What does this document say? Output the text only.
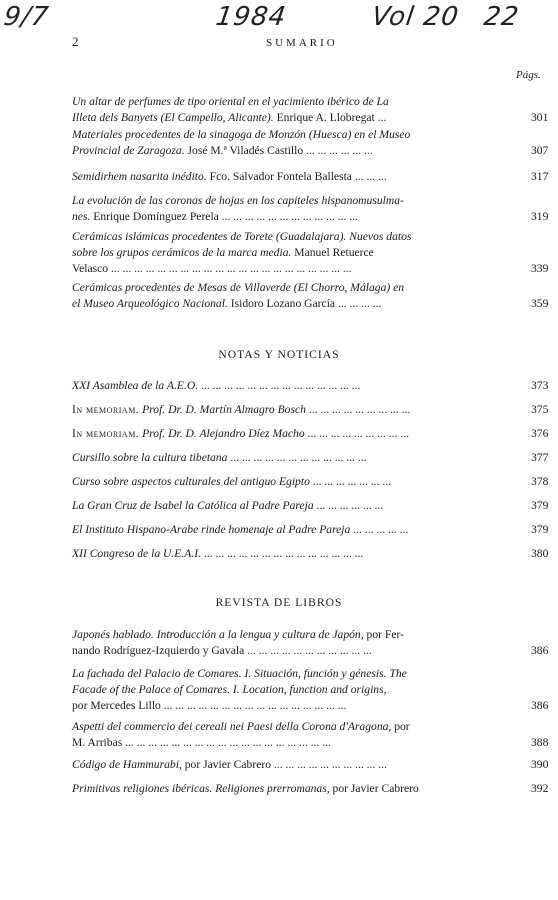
9/7	1984	Vol 20 22
2	SUMARIO
Págs.
NOTAS Y NOTICIAS
REVISTA DE LIBROS
Un altar de perfumes de tipo oriental en el yacimiento ibérico de La
Illeta dels Banyets (El Campello, Alicante). Enrique A. Llobregat ...	301
Materiales procedentes de la sinagoga de Monzón (Huesca) en el Museo
Provincial de Zaragoza. José M.ª Viladés Castillo ... ... ... ... ... ...	307
Semidirhem nasarita inédito. Fco. Salvador Fontela Ballesta ... ... ...	317
La evolución de las coronas de hojas en los capiteles hispanomusulma-
nes. Enrique Domínguez Perela ... ... ... ... ... ... ... ... ... ... ... ...	319
Cerámicas islámicas procedentes de Torete (Guadalajara). Nuevos datos
sobre los grupos cerámicos de la marca media. Manuel Retuerce
Velasco ... ... ... ... ... ... ... ... ... ... ... ... ... ... ... ... ... ... ... ... ...	339
Cerámicas procedentes de Mesas de Villaverde (El Chorro, Málaga) en
el Museo Arqueológico Nacional. Isidoro Lozano García ... ... ... ...	359
XXI Asamblea de la A.E.O. ... ... ... ... ... ... ... ... ... ... ... ... ... ...	373
In memoriam. Prof. Dr. D. Martín Almagro Bosch ... ... ... ... ... ... ... ... ...	375
In memoriam. Prof. Dr. D. Alejandro Díez Macho ... ... ... ... ... ... ... ... ...	376
Cursillo sobre la cultura tibetana ... ... ... ... ... ... ... ... ... ... ... ...	377
Curso sobre aspectos culturales del antiguo Egipto ... ... ... ... ... ... ...	378
La Gran Cruz de Isabel la Católica al Padre Pareja ... ... ... ... ... ...	379
El Instituto Hispano-Arabe rinde homenaje al Padre Pareja ... ... ... ... ...	379
XII Congreso de la U.E.A.I. ... ... ... ... ... ... ... ... ... ... ... ... ... ...	380
Japonés hablado. Introducción a la lengua y cultura de Japón, por Fer-
nando Rodríguez-Izquierdo y Gavala ... ... ... ... ... ... ... ... ... ... ...	386
La fachada del Palacio de Comares. I. Situación, función y génesis. The
Facade of the Palace of Comares. I. Location, function and origins,
por Mercedes Lillo ... ... ... ... ... ... ... ... ... ... ... ... ... ... ... ...	386
Aspetti del commercio dei cereali nei Paesi della Corona d'Aragona, por
M. Arribas ... ... ... ... ... ... ... ... ... ... ... ... ... ... ... ... ... ...	388
Código de Hammurabi, por Javier Cabrero ... ... ... ... ... ... ... ... ... ...	390
Primitivas religiones ibéricas. Religiones prerromanas, por Javier Cabrero	392
